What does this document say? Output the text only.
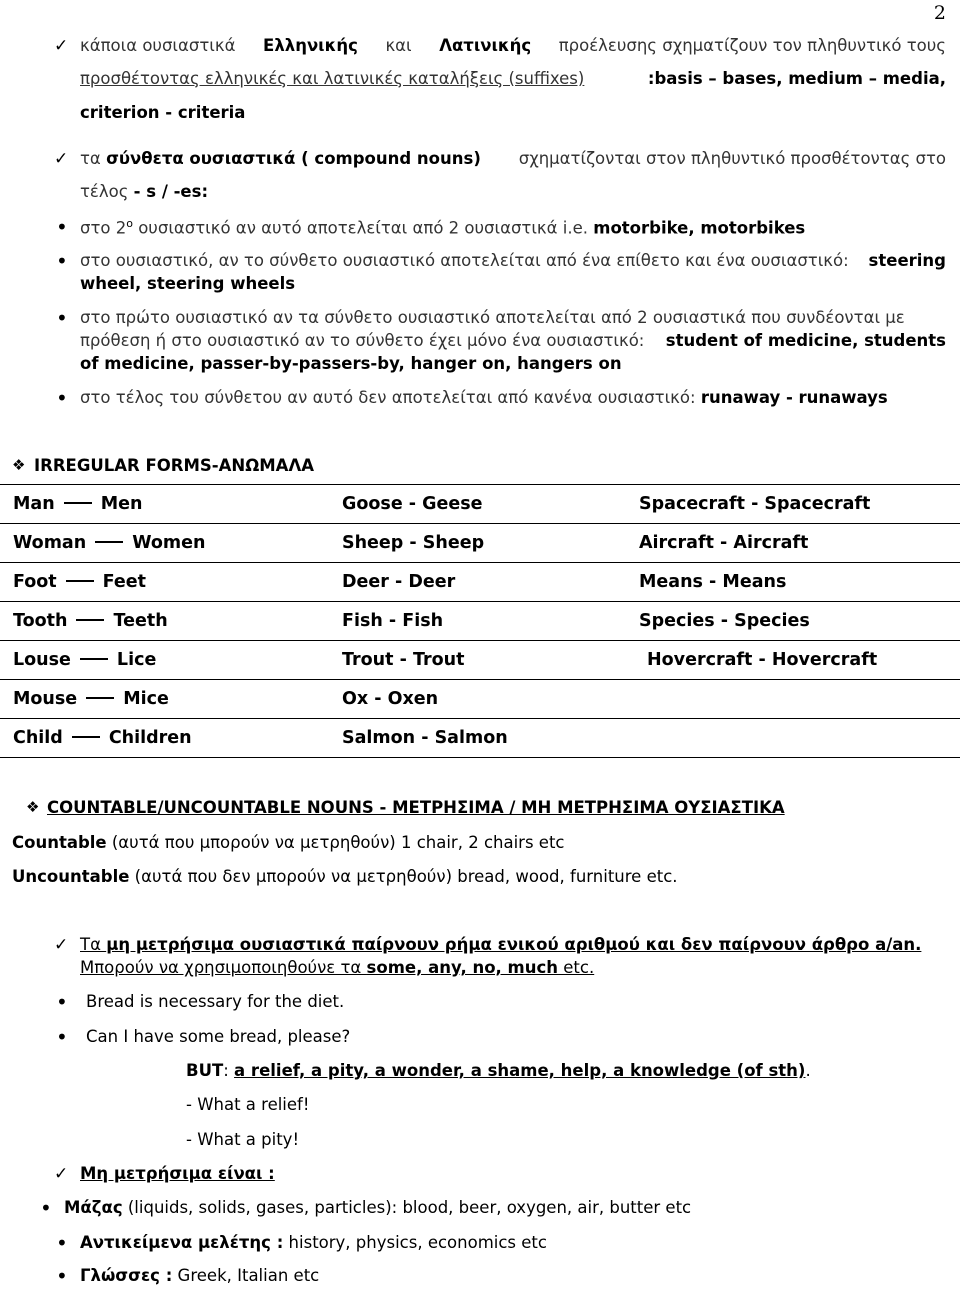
2
✓ κάποια ουσιαστικά Ελληνικής και Λατινικής προέλευσης σχηματίζουν τον πληθυντικό τους
προσθέτοντας ελληνικές και λατινικές καταλήξεις (suffixes)	:basis – bases, medium – media,
criterion - criteria
✓ τα σύνθετα ουσιαστικά ( compound nouns) σχηματίζονται στον πληθυντικό προσθέτοντας στο
τέλος - s / -es:
• στο $2^o$ ουσιαστικό αν αυτό αποτελείται από 2 ουσιαστικά i.e. motorbike, motorbikes
• στο ουσιαστικό, αν το σύνθετο ουσιαστικό αποτελείται από ένα επίθετο και ένα ουσιαστικό: steering
wheel, steering wheels
• στο πρώτο ουσιαστικό αν τα σύνθετο ουσιαστικό αποτελείται από 2 ουσιαστικά που συνδέονται με
πρόθεση ή στο ουσιαστικό αν το σύνθετο έχει μόνο ένα ουσιαστικό: student of medicine, students
of medicine, passer-by-passers-by, hanger on, hangers on
• στο τέλος του σύνθετου αν αυτό δεν αποτελείται από κανένα ουσιαστικό: runaway - runaways
❖ IRREGULAR FORMS-ΑΝΩΜΑΛΑ
Man Men	Goose - Geese	Spacecraft - Spacecraft
Woman Women	Sheep - Sheep	Aircraft - Aircraft
Foot Feet	Deer - Deer	Means - Means
Tooth Teeth	Fish - Fish	Species - Species
Louse Lice	Trout - Trout	Hovercraft - Hovercraft
Mouse Mice	Ox - Oxen	
Child Children	Salmon - Salmon	
❖ COUNTABLE/UNCOUNTABLE NOUNS - ΜΕΤΡΗΣΙΜΑ / ΜΗ ΜΕΤΡΗΣΙΜΑ ΟΥΣΙΑΣΤΙΚΑ
Countable (αυτά που μπορούν να μετρηθούν) 1 chair, 2 chairs etc
Uncountable (αυτά που δεν μπορούν να μετρηθούν) bread, wood, furniture etc.
✓ Τα μη μετρήσιμα ουσιαστικά παίρνουν ρήμα ενικού αριθμού και δεν παίρνουν άρθρο a/an.
Μπορούν να χρησιμοποιηθούνε τα some, any, no, much etc.
• Bread is necessary for the diet.
• Can I have some bread, please?
BUT: a relief, a pity, a wonder, a shame, help, a knowledge (of sth).
- What a relief!
- What a pity!
✓ Μη μετρήσιμα είναι :
• Μάζας (liquids, solids, gases, particles): blood, beer, oxygen, air, butter etc
• Αντικείμενα μελέτης : history, physics, economics etc
• Γλώσσες : Greek, Italian etc
